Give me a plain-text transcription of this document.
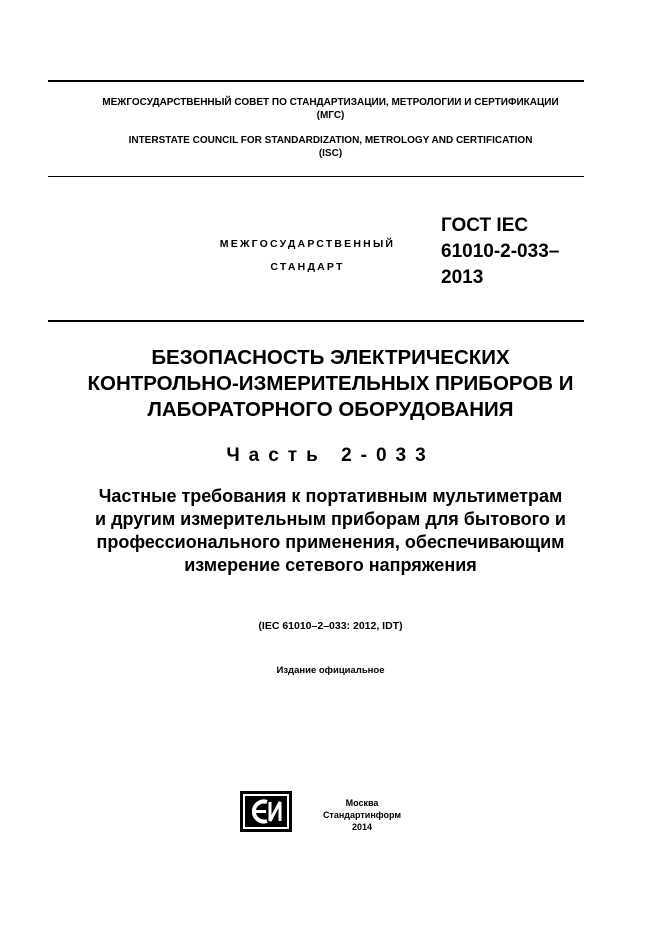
МЕЖГОСУДАРСТВЕННЫЙ СОВЕТ ПО СТАНДАРТИЗАЦИИ, МЕТРОЛОГИИ И СЕРТИФИКАЦИИ
(МГС)
INTERSTATE COUNCIL FOR STANDARDIZATION, METROLOGY AND CERTIFICATION
(ISC)
МЕЖГОСУДАРСТВЕННЫЙ
СТАНДАРТ
ГОСТ IEC
61010-2-033–
2013
БЕЗОПАСНОСТЬ ЭЛЕКТРИЧЕСКИХ
КОНТРОЛЬНО-ИЗМЕРИТЕЛЬНЫХ ПРИБОРОВ И
ЛАБОРАТОРНОГО ОБОРУДОВАНИЯ
Часть 2-033
Частные требования к портативным мультиметрам
и другим измерительным приборам для бытового и
профессионального применения, обеспечивающим
измерение сетевого напряжения
(IEC 61010–2–033: 2012, IDT)
Издание официальное
Москва
Стандартинформ
2014
